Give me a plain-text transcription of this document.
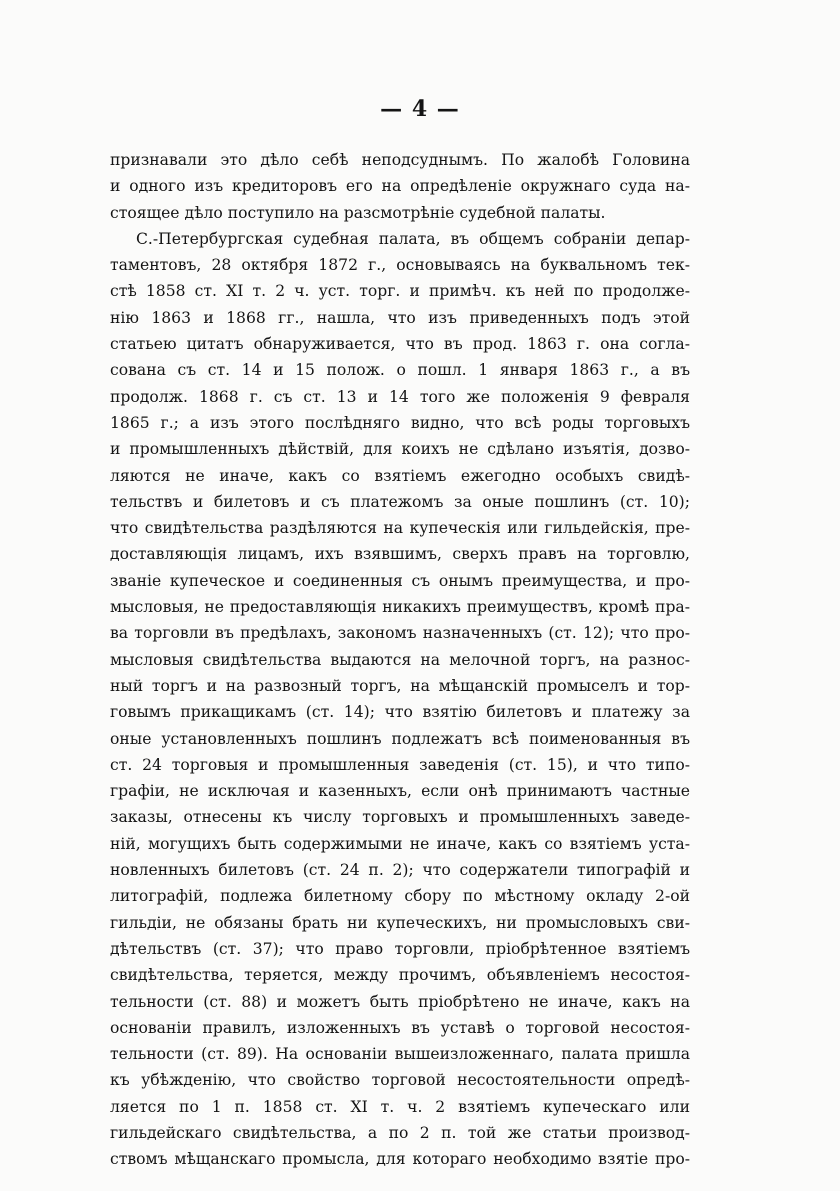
— 4 —
признавали это дѣло себѣ неподсуднымъ. По жалобѣ Головина
и одного изъ кредиторовъ его на опредѣленіе окружнаго суда на-
стоящее дѣло поступило на разсмотрѣніе судебной палаты.
С.-Петербургская судебная палата, въ общемъ собраніи депар-
таментовъ, 28 октября 1872 г., основываясь на буквальномъ тек-
стѣ 1858 ст. XI т. 2 ч. уст. торг. и примѣч. къ ней по продолже-
нію 1863 и 1868 гг., нашла, что изъ приведенныхъ подъ этой
статьею цитатъ обнаруживается, что въ прод. 1863 г. она согла-
сована съ ст. 14 и 15 полож. о пошл. 1 января 1863 г., а въ
продолж. 1868 г. съ ст. 13 и 14 того же положенія 9 февраля
1865 г.; а изъ этого послѣдняго видно, что всѣ роды торговыхъ
и промышленныхъ дѣйствій, для коихъ не сдѣлано изъятія, дозво-
ляются не иначе, какъ со взятіемъ ежегодно особыхъ свидѣ-
тельствъ и билетовъ и съ платежомъ за оные пошлинъ (ст. 10);
что свидѣтельства раздѣляются на купеческія или гильдейскія, пре-
доставляющія лицамъ, ихъ взявшимъ, сверхъ правъ на торговлю,
званіе купеческое и соединенныя съ онымъ преимущества, и про-
мысловыя, не предоставляющія никакихъ преимуществъ, кромѣ пра-
ва торговли въ предѣлахъ, закономъ назначенныхъ (ст. 12); что про-
мысловыя свидѣтельства выдаются на мелочной торгъ, на разнос-
ный торгъ и на развозный торгъ, на мѣщанскій промыселъ и тор-
говымъ прикащикамъ (ст. 14); что взятію билетовъ и платежу за
оные установленныхъ пошлинъ подлежатъ всѣ поименованныя въ
ст. 24 торговыя и промышленныя заведенія (ст. 15), и что типо-
графіи, не исключая и казенныхъ, если онѣ принимаютъ частные
заказы, отнесены къ числу торговыхъ и промышленныхъ заведе-
ній, могущихъ быть содержимыми не иначе, какъ со взятіемъ уста-
новленныхъ билетовъ (ст. 24 п. 2); что содержатели типографій и
литографій, подлежа билетному сбору по мѣстному окладу 2-ой
гильдіи, не обязаны брать ни купеческихъ, ни промысловыхъ сви-
дѣтельствъ (ст. 37); что право торговли, пріобрѣтенное взятіемъ
свидѣтельства, теряется, между прочимъ, объявленіемъ несостоя-
тельности (ст. 88) и можетъ быть пріобрѣтено не иначе, какъ на
основаніи правилъ, изложенныхъ въ уставѣ о торговой несостоя-
тельности (ст. 89). На основаніи вышеизложеннаго, палата пришла
къ убѣжденію, что свойство торговой несостоятельности опредѣ-
ляется по 1 п. 1858 ст. XI т. ч. 2 взятіемъ купеческаго или
гильдейскаго свидѣтельства, а по 2 п. той же статьи производ-
ствомъ мѣщанскаго промысла, для котораго необходимо взятіе про-
